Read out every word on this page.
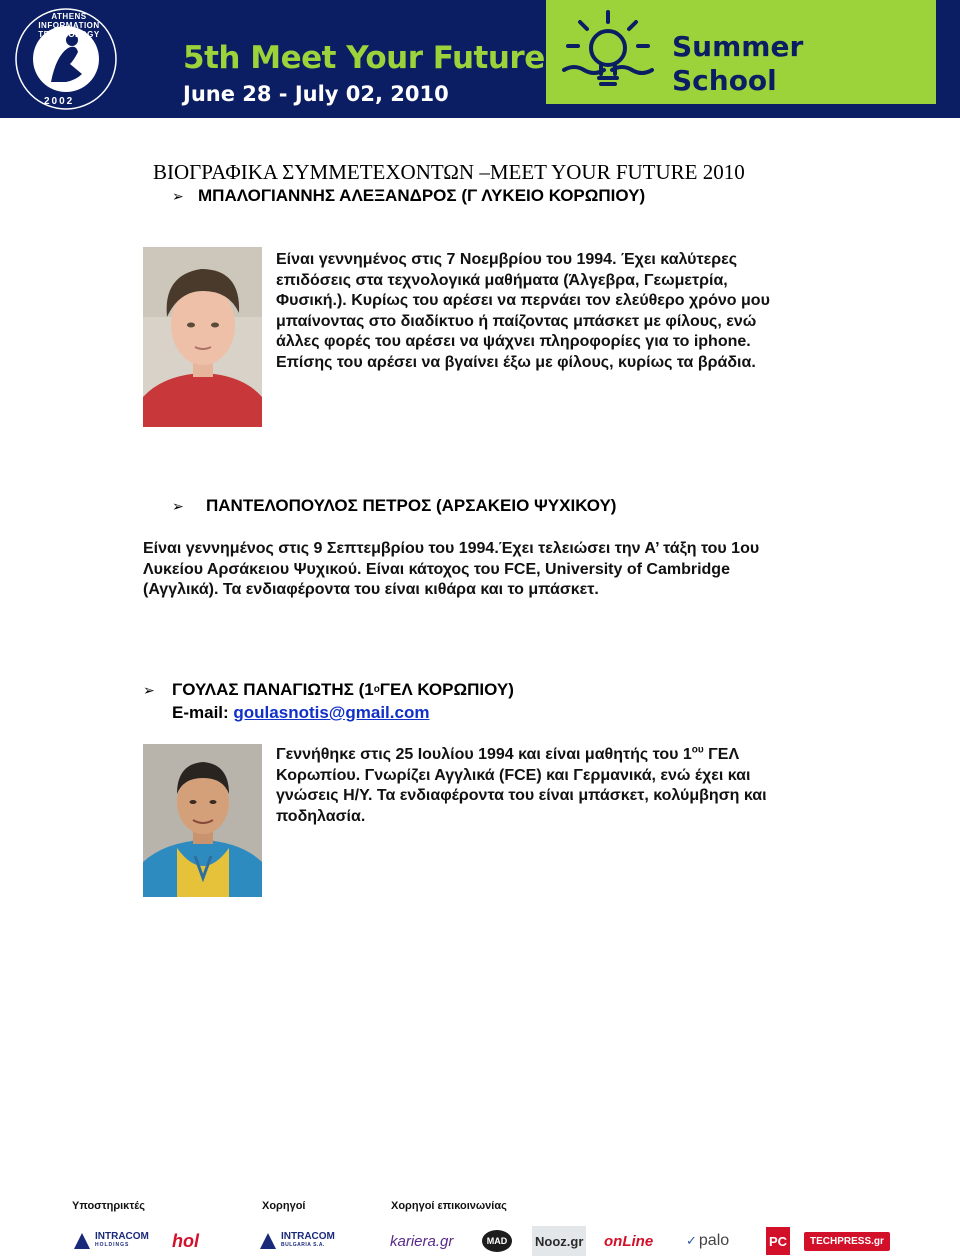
ATHENS INFORMATION TECHNOLOGY
2002
5th Meet Your Future
June 28 - July 02, 2010
Summer
School
ΒΙΟΓΡΑΦΙΚΑ ΣΥΜΜΕΤΕΧΟΝΤΩΝ –MEET YOUR FUTURE 2010
➢ ΜΠΑΛΟΓΙΑΝΝΗΣ ΑΛΕΞΑΝΔΡΟΣ (Γ ΛΥΚΕΙΟ ΚΟΡΩΠΙΟΥ)
Είναι γεννημένος στις 7 Νοεμβρίου του 1994. Έχει καλύτερες
επιδόσεις στα τεχνολογικά μαθήματα (Άλγεβρα, Γεωμετρία,
Φυσική.). Κυρίως του αρέσει να περνάει τον ελεύθερο χρόνο μου
μπαίνοντας στο διαδίκτυο ή παίζοντας μπάσκετ με φίλους, ενώ
άλλες φορές του αρέσει να ψάχνει πληροφορίες για το iphone.
Επίσης του αρέσει να βγαίνει έξω με φίλους, κυρίως τα βράδια.
➢	ΠΑΝΤΕΛΟΠΟΥΛΟΣ ΠΕΤΡΟΣ (ΑΡΣΑΚΕΙΟ ΨΥΧΙΚΟΥ)
Είναι γεννημένος στις 9 Σεπτεμβρίου του 1994.Έχει τελειώσει την Α’ τάξη του 1ου
Λυκείου Αρσάκειου Ψυχικού. Είναι κάτοχος του FCE, University of Cambridge
(Αγγλικά). Τα ενδιαφέροντα του είναι κιθάρα και το μπάσκετ.
➢	ΓΟΥΛΑΣ ΠΑΝΑΓΙΩΤΗΣ (1 ο ΓΕΛ ΚΟΡΩΠΙΟΥ)
E-mail: goulasnotis@gmail.com
Γεννήθηκε στις 25 Ιουλίου 1994 και είναι μαθητής του $1^{o\upsilon}$ ΓΕΛ
Κορωπίου. Γνωρίζει Αγγλικά (FCE) και Γερμανικά, ενώ έχει και
γνώσεις Η/Υ. Τα ενδιαφέροντα του είναι μπάσκετ, κολύμβηση και
ποδηλασία.
Υποστηρικτές	Χορηγοί	Χορηγοί επικοινωνίας
INTRACOM
HOLDINGS	hol	INTRACOM
BULGARIA S.A.	kariera.gr	MAD	Nooz.gr onLine	✓ palo	PC	TECHPRESS.gr
